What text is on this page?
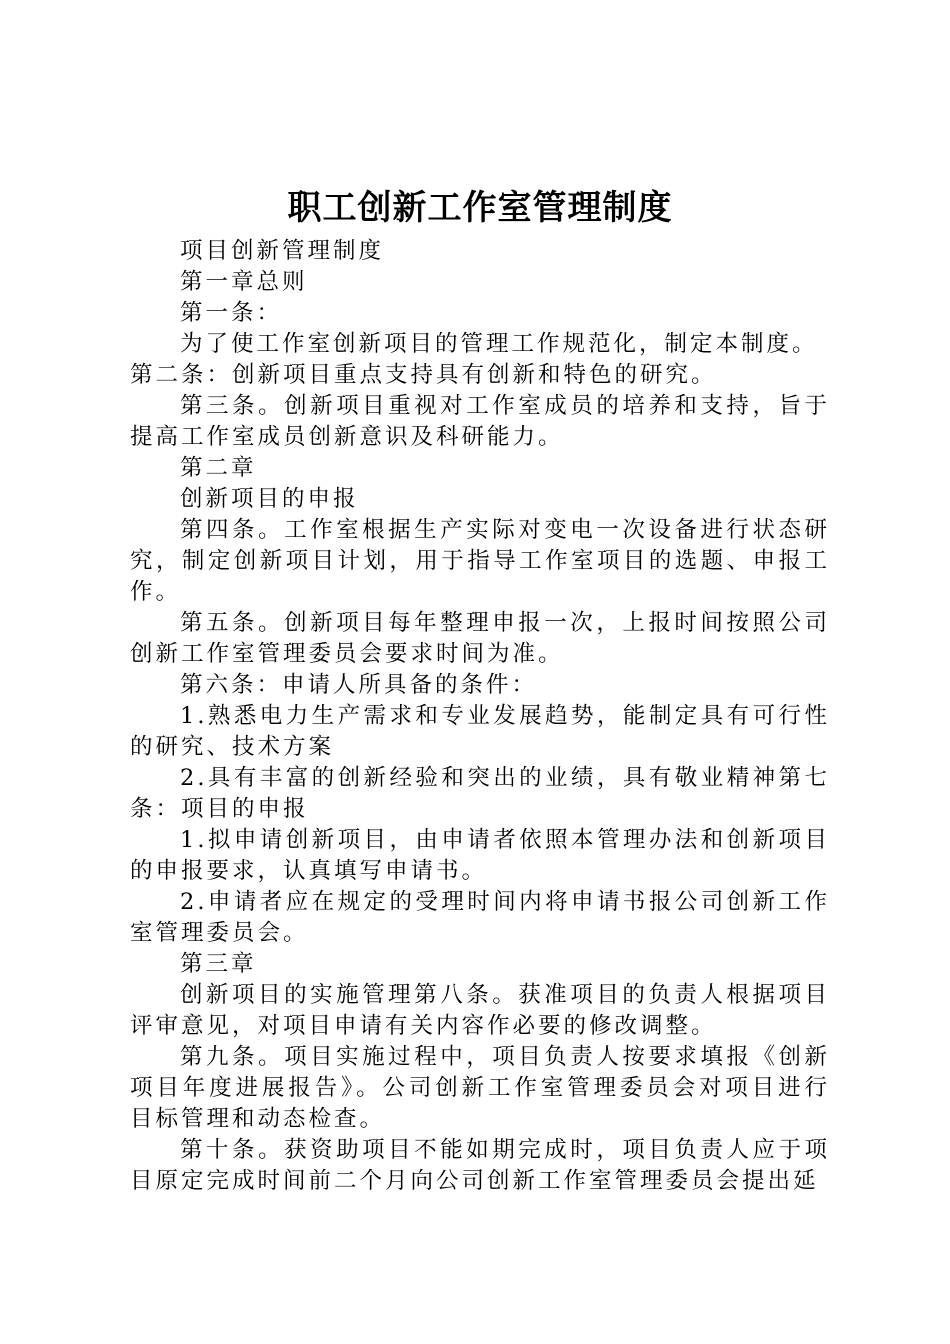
职工创新工作室管理制度

项目创新管理制度

第一章总则

第一条：

为了使工作室创新项目的管理工作规范化，制定本制度。

第二条：创新项目重点支持具有创新和特色的研究。

第三条。创新项目重视对工作室成员的培养和支持，旨于提高工作室成员创新意识及科研能力。

第二章

创新项目的申报

第四条。工作室根据生产实际对变电一次设备进行状态研究，制定创新项目计划，用于指导工作室项目的选题、申报工作。

第五条。创新项目每年整理申报一次，上报时间按照公司创新工作室管理委员会要求时间为准。

第六条：申请人所具备的条件：

1.熟悉电力生产需求和专业发展趋势，能制定具有可行性的研究、技术方案

2.具有丰富的创新经验和突出的业绩，具有敬业精神第七条：项目的申报

1.拟申请创新项目，由申请者依照本管理办法和创新项目的申报要求，认真填写申请书。

2.申请者应在规定的受理时间内将申请书报公司创新工作室管理委员会。

第三章

创新项目的实施管理第八条。获准项目的负责人根据项目评审意见，对项目申请有关内容作必要的修改调整。

第九条。项目实施过程中，项目负责人按要求填报《创新项目年度进展报告》。公司创新工作室管理委员会对项目进行目标管理和动态检查。

第十条。获资助项目不能如期完成时，项目负责人应于项目原定完成时间前二个月向公司创新工作室管理委员会提出延
